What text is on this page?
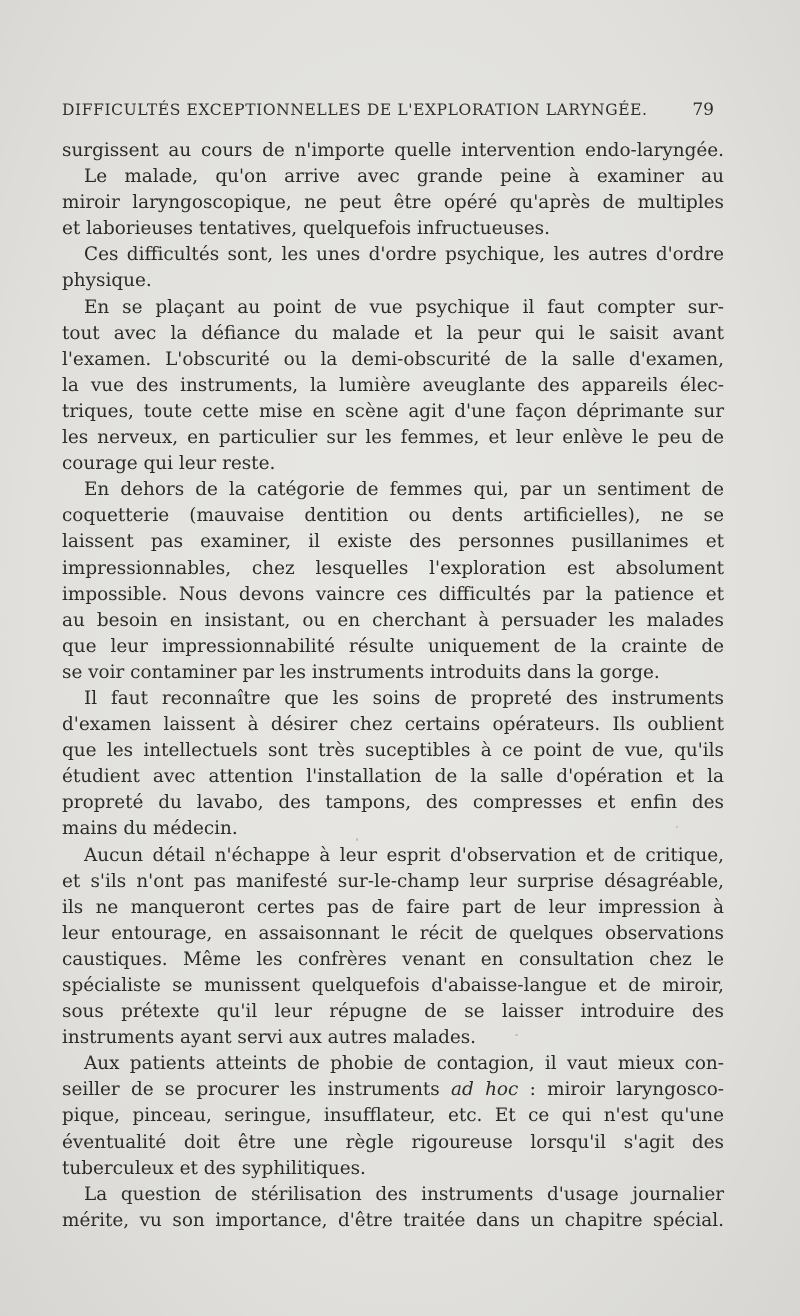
DIFFICULTÉS EXCEPTIONNELLES DE L'EXPLORATION LARYNGÉE.	79
surgissent au cours de n'importe quelle intervention endo-laryngée.
Le malade, qu'on arrive avec grande peine à examiner au
miroir laryngoscopique, ne peut être opéré qu'après de multiples
et laborieuses tentatives, quelquefois infructueuses.
Ces difficultés sont, les unes d'ordre psychique, les autres d'ordre
physique.
En se plaçant au point de vue psychique il faut compter sur-
tout avec la défiance du malade et la peur qui le saisit avant
l'examen. L'obscurité ou la demi-obscurité de la salle d'examen,
la vue des instruments, la lumière aveuglante des appareils élec-
triques, toute cette mise en scène agit d'une façon déprimante sur
les nerveux, en particulier sur les femmes, et leur enlève le peu de
courage qui leur reste.
En dehors de la catégorie de femmes qui, par un sentiment de
coquetterie (mauvaise dentition ou dents artificielles), ne se
laissent pas examiner, il existe des personnes pusillanimes et
impressionnables, chez lesquelles l'exploration est absolument
impossible. Nous devons vaincre ces difficultés par la patience et
au besoin en insistant, ou en cherchant à persuader les malades
que leur impressionnabilité résulte uniquement de la crainte de
se voir contaminer par les instruments introduits dans la gorge.
Il faut reconnaître que les soins de propreté des instruments
d'examen laissent à désirer chez certains opérateurs. Ils oublient
que les intellectuels sont très suceptibles à ce point de vue, qu'ils
étudient avec attention l'installation de la salle d'opération et la
propreté du lavabo, des tampons, des compresses et enfin des
mains du médecin.
Aucun détail n'échappe à leur esprit d'observation et de critique,
et s'ils n'ont pas manifesté sur-le-champ leur surprise désagréable,
ils ne manqueront certes pas de faire part de leur impression à
leur entourage, en assaisonnant le récit de quelques observations
caustiques. Même les confrères venant en consultation chez le
spécialiste se munissent quelquefois d'abaisse-langue et de miroir,
sous prétexte qu'il leur répugne de se laisser introduire des
instruments ayant servi aux autres malades.
Aux patients atteints de phobie de contagion, il vaut mieux con-
seiller de se procurer les instruments ad hoc : miroir laryngosco-
pique, pinceau, seringue, insufflateur, etc. Et ce qui n'est qu'une
éventualité doit être une règle rigoureuse lorsqu'il s'agit des
tuberculeux et des syphilitiques.
La question de stérilisation des instruments d'usage journalier
mérite, vu son importance, d'être traitée dans un chapitre spécial.
